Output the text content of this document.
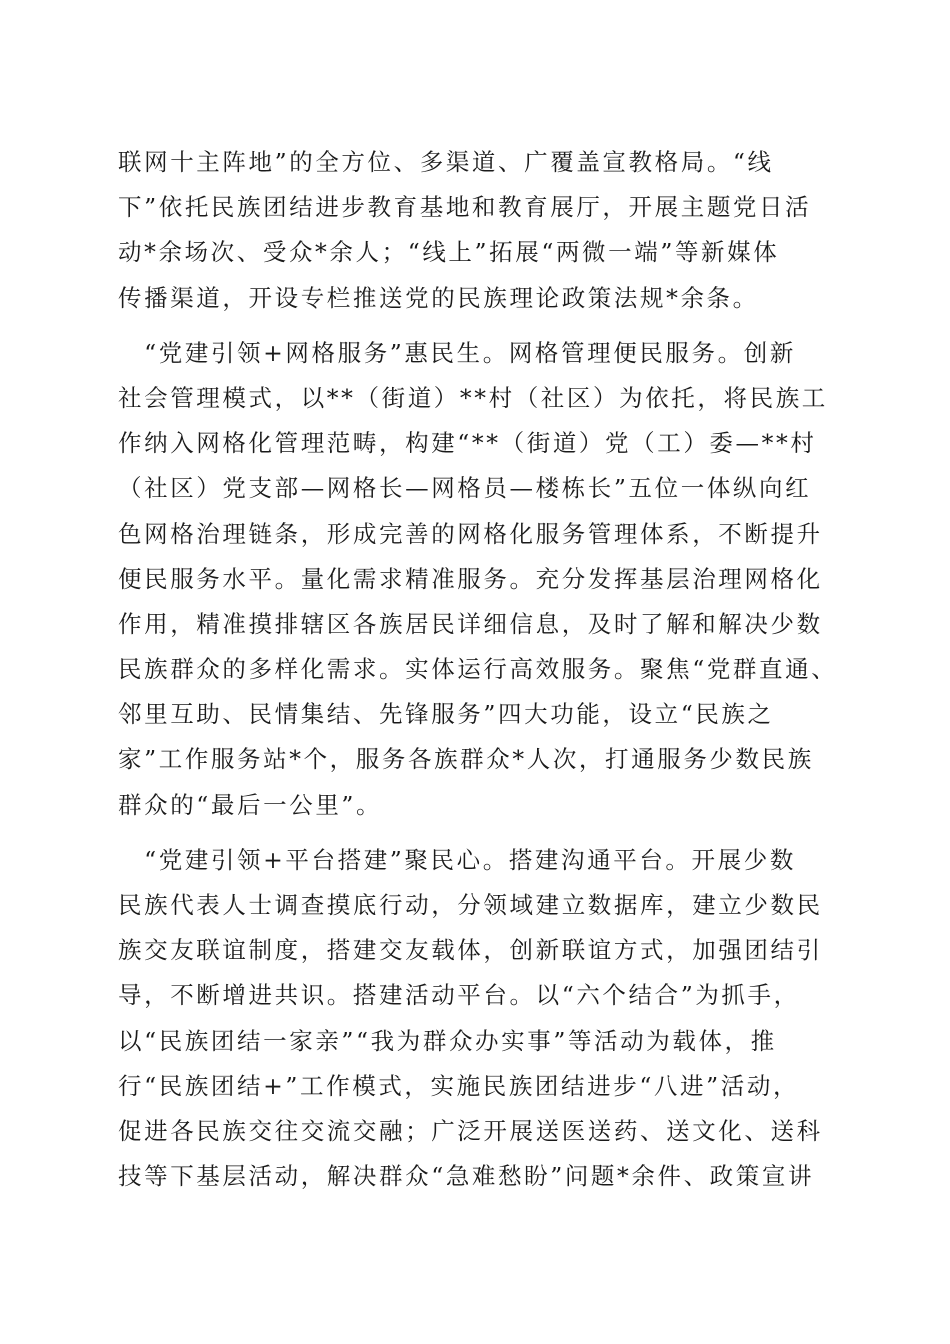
联网十主阵地”的全方位、多渠道、广覆盖宣教格局。“线
下”依托民族团结进步教育基地和教育展厅，开展主题党日活
动*余场次、受众*余人；“线上”拓展“两微一端”等新媒体
传播渠道，开设专栏推送党的民族理论政策法规*余条。
　“党建引领+网格服务”惠民生。网格管理便民服务。创新
社会管理模式，以**（街道）**村（社区）为依托，将民族工
作纳入网格化管理范畴，构建“**（街道）党（工）委—**村
（社区）党支部—网格长—网格员—楼栋长”五位一体纵向红
色网格治理链条，形成完善的网格化服务管理体系，不断提升
便民服务水平。量化需求精准服务。充分发挥基层治理网格化
作用，精准摸排辖区各族居民详细信息，及时了解和解决少数
民族群众的多样化需求。实体运行高效服务。聚焦“党群直通、
邻里互助、民情集结、先锋服务”四大功能，设立“民族之
家”工作服务站*个，服务各族群众*人次，打通服务少数民族
群众的“最后一公里”。
　“党建引领+平台搭建”聚民心。搭建沟通平台。开展少数
民族代表人士调查摸底行动，分领域建立数据库，建立少数民
族交友联谊制度，搭建交友载体，创新联谊方式，加强团结引
导，不断增进共识。搭建活动平台。以“六个结合”为抓手，
以“民族团结一家亲”“我为群众办实事”等活动为载体，推
行“民族团结+”工作模式，实施民族团结进步“八进”活动，
促进各民族交往交流交融；广泛开展送医送药、送文化、送科
技等下基层活动，解决群众“急难愁盼”问题*余件、政策宣讲
